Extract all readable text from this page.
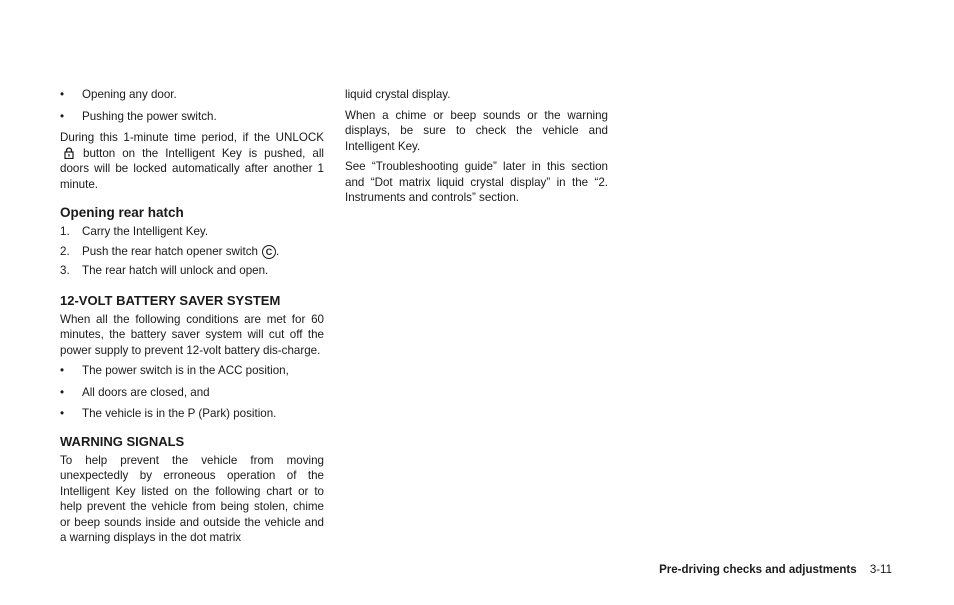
•	Opening any door.
•	Pushing the power switch.

During this 1-minute time period, if the UNLOCK  button on the Intelligent Key is pushed, all doors will be locked automatically after another 1 minute.

Opening rear hatch
1. Carry the Intelligent Key.
2. Push the rear hatch opener switch C .
3. The rear hatch will unlock and open.
12-VOLT BATTERY SAVER SYSTEM

When all the following conditions are met for 60 minutes, the battery saver system will cut off the power supply to prevent 12-volt battery dis-charge.

•	The power switch is in the ACC position,
•	All doors are closed, and
•	The vehicle is in the P (Park) position.
WARNING SIGNALS

To help prevent the vehicle from moving unexpectedly by erroneous operation of the Intelligent Key listed on the following chart or to help prevent the vehicle from being stolen, chime or beep sounds inside and outside the vehicle and a warning displays in the dot matrix

liquid crystal display.

When a chime or beep sounds or the warning displays, be sure to check the vehicle and Intelligent Key.

See “Troubleshooting guide” later in this section and “Dot matrix liquid crystal display” in the “2. Instruments and controls” section.

Pre-driving checks and adjustments 3-11
